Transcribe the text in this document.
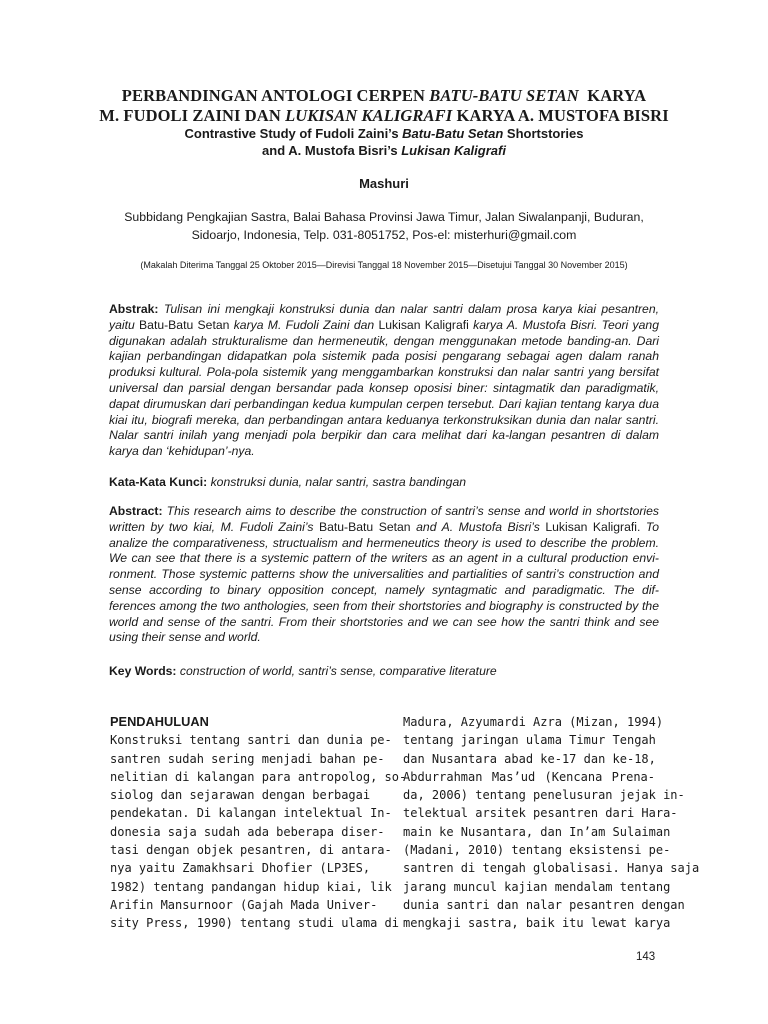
PERBANDINGAN ANTOLOGI CERPEN BATU-BATU SETAN  KARYA
M. FUDOLI ZAINI DAN LUKISAN KALIGRAFI KARYA A. MUSTOFA BISRI
Contrastive Study of Fudoli Zaini’s Batu-Batu Setan Shortstories
and A. Mustofa Bisri’s Lukisan Kaligrafi
Mashuri
Subbidang Pengkajian Sastra, Balai Bahasa Provinsi Jawa Timur, Jalan Siwalanpanji, Buduran,
Sidoarjo, Indonesia, Telp. 031-8051752, Pos-el: misterhuri@gmail.com
(Makalah Diterima Tanggal 25 Oktober 2015—Direvisi Tanggal 18 November 2015—Disetujui Tanggal 30 November 2015)
Abstrak: Tulisan ini mengkaji konstruksi dunia dan nalar santri dalam prosa karya kiai pesantren, yaitu Batu-Batu Setan karya M. Fudoli Zaini dan Lukisan Kaligrafi karya A. Mustofa Bisri. Teori yang digunakan adalah strukturalisme dan hermeneutik, dengan menggunakan metode banding-an. Dari kajian perbandingan didapatkan pola sistemik pada posisi pengarang sebagai agen dalam ranah produksi kultural. Pola-pola sistemik yang menggambarkan konstruksi dan nalar santri yang bersifat universal dan parsial dengan bersandar pada konsep oposisi biner: sintagmatik dan paradigmatik, dapat dirumuskan dari perbandingan kedua kumpulan cerpen tersebut. Dari kajian tentang karya dua kiai itu, biografi mereka, dan perbandingan antara keduanya terkonstruksikan dunia dan nalar santri. Nalar santri inilah yang menjadi pola berpikir dan cara melihat dari ka-langan pesantren di dalam karya dan ‘kehidupan’-nya.
Kata-Kata Kunci: konstruksi dunia, nalar santri, sastra bandingan
Abstract: This research aims to describe the construction of santri’s sense and world in shortstories written by two kiai, M. Fudoli Zaini’s Batu-Batu Setan and A. Mustofa Bisri’s Lukisan Kaligrafi. To analize the comparativeness, structualism and hermeneutics theory is used to describe the problem. We can see that there is a systemic pattern of the writers as an agent in a cultural production envi-ronment. Those systemic patterns show the universalities and partialities of santri’s construction and sense according to binary opposition concept, namely syntagmatic and paradigmatic. The dif-ferences among the two anthologies, seen from their shortstories and biography is constructed by the world and sense of the santri. From their shortstories and we can see how the santri think and see using their sense and world.
Key Words: construction of world, santri’s sense, comparative literature
PENDAHULUAN
Konstruksi tentang santri dan dunia pe-
santren sudah sering menjadi bahan pe-
nelitian di kalangan para antropolog, so-
siolog dan sejarawan dengan berbagai
pendekatan. Di kalangan intelektual In-
donesia saja sudah ada beberapa diser-
tasi dengan objek pesantren, di antara-
nya yaitu Zamakhsari Dhofier (LP3ES,
1982) tentang pandangan hidup kiai, lik
Arifin Mansurnoor (Gajah Mada Univer-
sity Press, 1990) tentang studi ulama di
Madura, Azyumardi Azra (Mizan, 1994)
tentang jaringan ulama Timur Tengah
dan Nusantara abad ke-17 dan ke-18,
Abdurrahman Mas’ud (Kencana Prena-
da, 2006) tentang penelusuran jejak in-
telektual arsitek pesantren dari Hara-
main ke Nusantara, dan In’am Sulaiman
(Madani, 2010) tentang eksistensi pe-
santren di tengah globalisasi. Hanya saja
jarang muncul kajian mendalam tentang
dunia santri dan nalar pesantren dengan
mengkaji sastra, baik itu lewat karya
143
